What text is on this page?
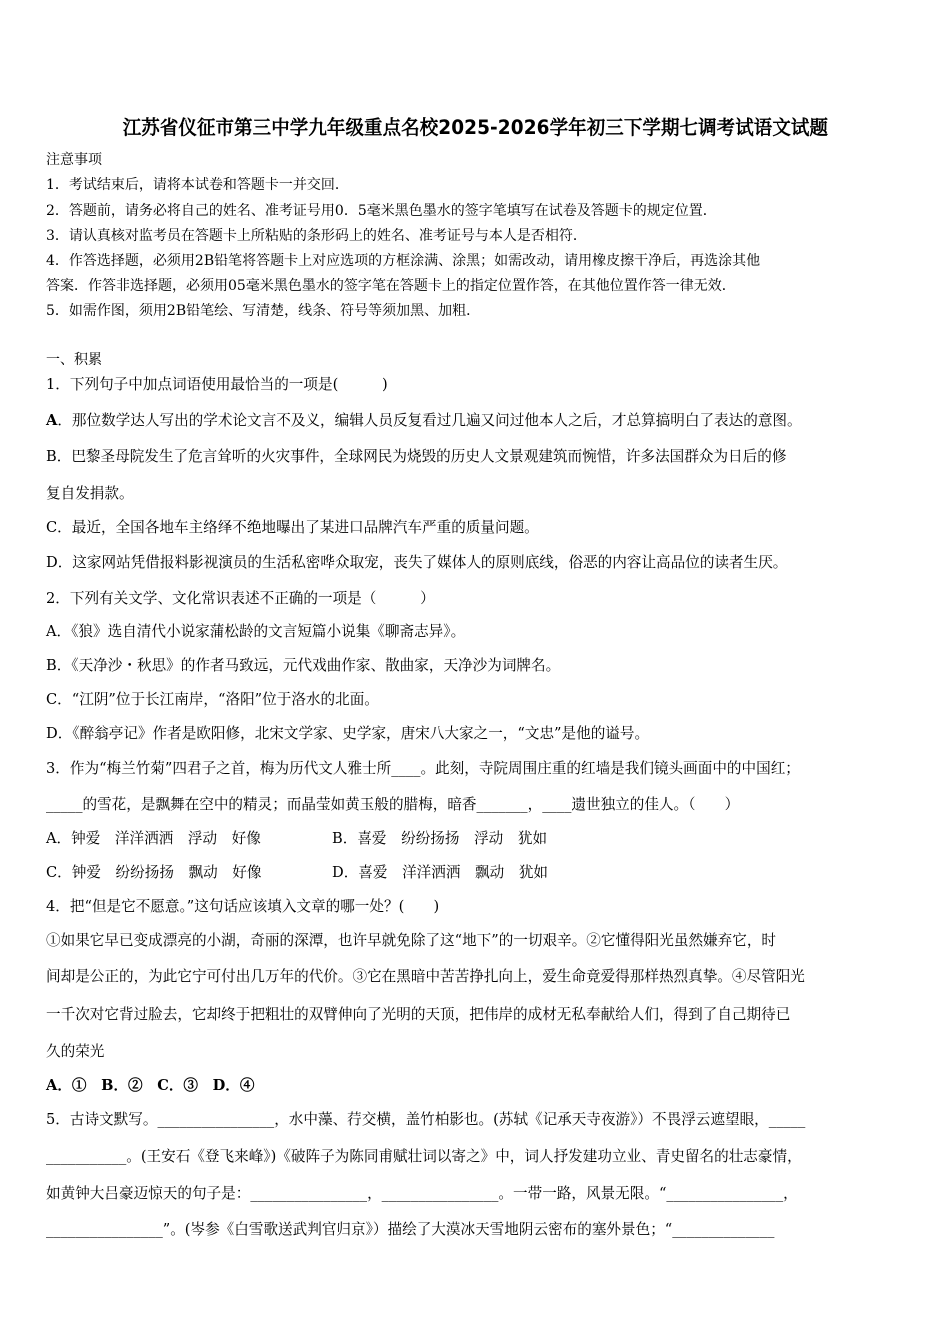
江苏省仪征市第三中学九年级重点名校2025-2026学年初三下学期七调考试语文试题
注意事项
1．考试结束后，请将本试卷和答题卡一并交回．
2．答题前，请务必将自己的姓名、准考证号用0．5毫米黑色墨水的签字笔填写在试卷及答题卡的规定位置．
3．请认真核对监考员在答题卡上所粘贴的条形码上的姓名、准考证号与本人是否相符．
4．作答选择题，必须用2B铅笔将答题卡上对应选项的方框涂满、涂黑；如需改动，请用橡皮擦干净后，再选涂其他
答案．作答非选择题，必须用05毫米黑色墨水的签字笔在答题卡上的指定位置作答，在其他位置作答一律无效．
5．如需作图，须用2B铅笔绘、写清楚，线条、符号等须加黑、加粗．
一、积累
1．下列句子中加点词语使用最恰当的一项是(　　　)
A．那位数学达人写出的学术论文言不及义，编辑人员反复看过几遍又问过他本人之后，才总算搞明白了表达的意图。
B．巴黎圣母院发生了危言耸听的火灾事件，全球网民为烧毁的历史人文景观建筑而惋惜，许多法国群众为日后的修
复自发捐款。
C．最近，全国各地车主络绎不绝地曝出了某进口品牌汽车严重的质量问题。
D．这家网站凭借报料影视演员的生活私密哗众取宠，丧失了媒体人的原则底线，俗恶的内容让高品位的读者生厌。
2．下列有关文学、文化常识表述不正确的一项是（　　　）
A．《狼》选自清代小说家蒲松龄的文言短篇小说集《聊斋志异》。
B．《天净沙・秋思》的作者马致远，元代戏曲作家、散曲家，天净沙为词牌名。
C．“江阴”位于长江南岸，“洛阳”位于洛水的北面。
D．《醉翁亭记》作者是欧阳修，北宋文学家、史学家，唐宋八大家之一，“文忠”是他的谥号。
3．作为“梅兰竹菊”四君子之首，梅为历代文人雅士所____。此刻，寺院周围庄重的红墙是我们镜头画面中的中国红；
_____的雪花，是飘舞在空中的精灵；而晶莹如黄玉般的腊梅，暗香_______，____遗世独立的佳人。（　　）
A．钟爱　洋洋洒洒　浮动　好像	B．喜爱　纷纷扬扬　浮动　犹如
C．钟爱　纷纷扬扬　飘动　好像	D．喜爱　洋洋洒洒　飘动　犹如
4．把“但是它不愿意。”这句话应该填入文章的哪一处？(　　)
①如果它早已变成漂亮的小湖，奇丽的深潭，也许早就免除了这“地下”的一切艰辛。②它懂得阳光虽然嫌弃它，时
间却是公正的，为此它宁可付出几万年的代价。③它在黑暗中苦苦挣扎向上，爱生命竟爱得那样热烈真挚。④尽管阳光
一千次对它背过脸去，它却终于把粗壮的双臂伸向了光明的天顶，把伟岸的成材无私奉献给人们，得到了自己期待已
久的荣光
A．①　B．②　C．③　D．④
5．古诗文默写。________________，水中藻、荇交横，盖竹柏影也。(苏轼《记承天寺夜游》）不畏浮云遮望眼，_____
___________。(王安石《登飞来峰》)《破阵子为陈同甫赋壮词以寄之》中，词人抒发建功立业、青史留名的壮志豪情，
如黄钟大吕豪迈惊天的句子是：________________，________________。一带一路，风景无限。“________________，
________________”。(岑参《白雪歌送武判官归京》）描绘了大漠冰天雪地阴云密布的塞外景色；“______________
